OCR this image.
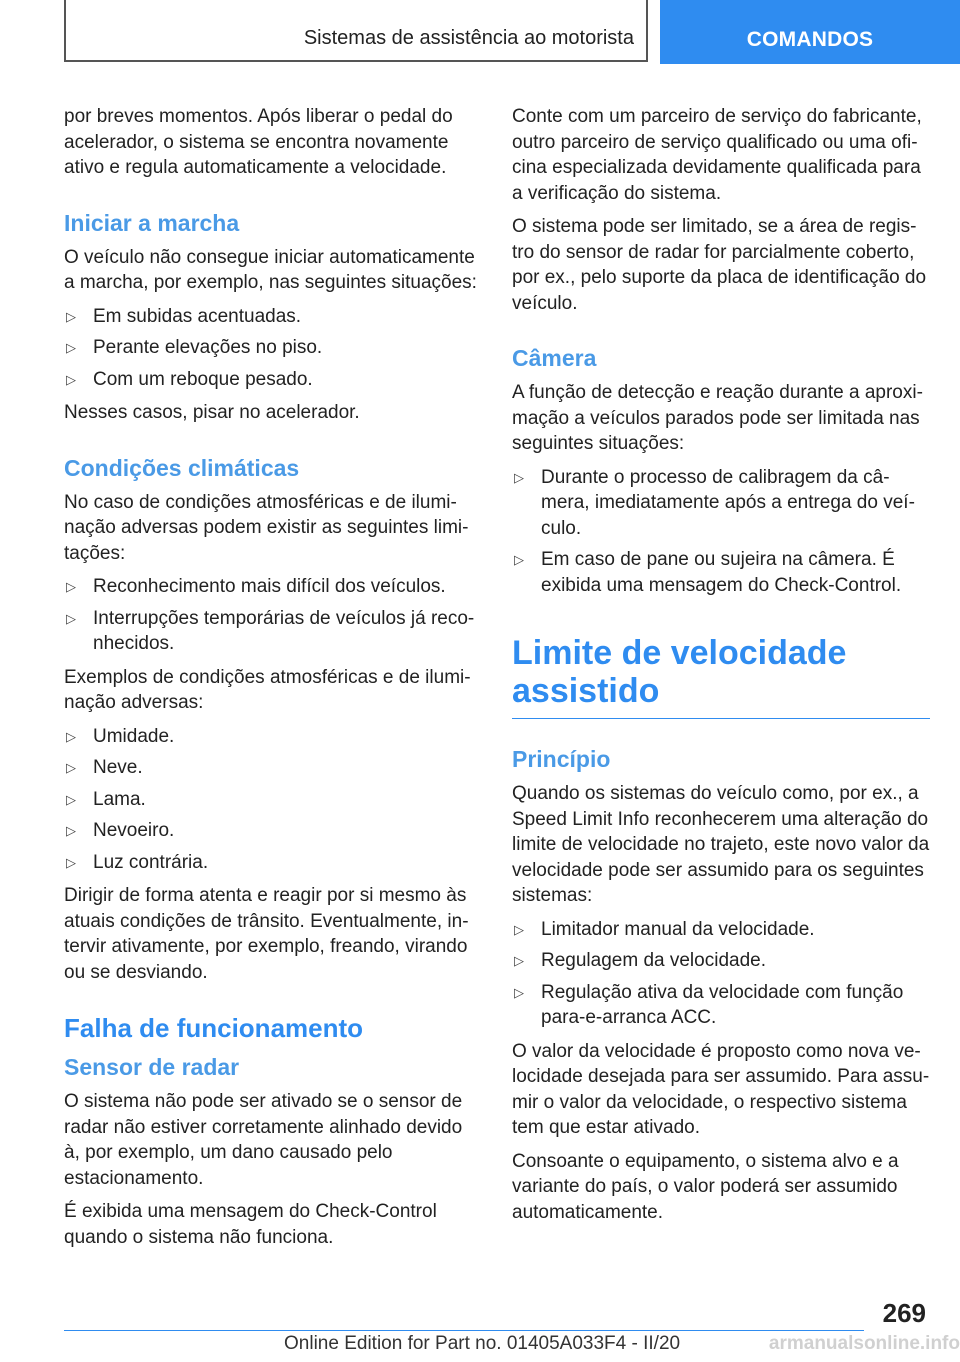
Sistemas de assistência ao motorista	COMANDOS

por breves momentos. Após liberar o pedal do acelerador, o sistema se encontra novamente ativo e regula automaticamente a velocidade.

Iniciar a marcha

O veículo não consegue iniciar automaticamente a marcha, por exemplo, nas seguintes situações:

▷ Em subidas acentuadas.
▷ Perante elevações no piso.
▷ Com um reboque pesado.

Nesses casos, pisar no acelerador.

Condições climáticas

No caso de condições atmosféricas e de iluminação adversas podem existir as seguintes limitações:

▷ Reconhecimento mais difícil dos veículos.
▷ Interrupções temporárias de veículos já reconhecidos.

Exemplos de condições atmosféricas e de iluminação adversas:

▷ Umidade.
▷ Neve.
▷ Lama.
▷ Nevoeiro.
▷ Luz contrária.

Dirigir de forma atenta e reagir por si mesmo às atuais condições de trânsito. Eventualmente, intervir ativamente, por exemplo, freando, virando ou se desviando.

Falha de funcionamento
Sensor de radar

O sistema não pode ser ativado se o sensor de radar não estiver corretamente alinhado devido à, por exemplo, um dano causado pelo estacionamento.

É exibida uma mensagem do Check-Control quando o sistema não funciona.

Conte com um parceiro de serviço do fabricante, outro parceiro de serviço qualificado ou uma oficina especializada devidamente qualificada para a verificação do sistema.

O sistema pode ser limitado, se a área de registro do sensor de radar for parcialmente coberto, por ex., pelo suporte da placa de identificação do veículo.

Câmera

A função de detecção e reação durante a aproximação a veículos parados pode ser limitada nas seguintes situações:

▷ Durante o processo de calibragem da câmera, imediatamente após a entrega do veículo.
▷ Em caso de pane ou sujeira na câmera. É exibida uma mensagem do Check-Control.
Limite de velocidade assistido
Princípio

Quando os sistemas do veículo como, por ex., a Speed Limit Info reconhecerem uma alteração do limite de velocidade no trajeto, este novo valor da velocidade pode ser assumido para os seguintes sistemas:

▷ Limitador manual da velocidade.
▷ Regulagem da velocidade.
▷ Regulação ativa da velocidade com função para-e-arranca ACC.

O valor da velocidade é proposto como nova velocidade desejada para ser assumido. Para assumir o valor da velocidade, o respectivo sistema tem que estar ativado.

Consoante o equipamento, o sistema alvo e a variante do país, o valor poderá ser assumido automaticamente.

269
Online Edition for Part no. 01405A033F4 - II/20	armanualsonline.info
